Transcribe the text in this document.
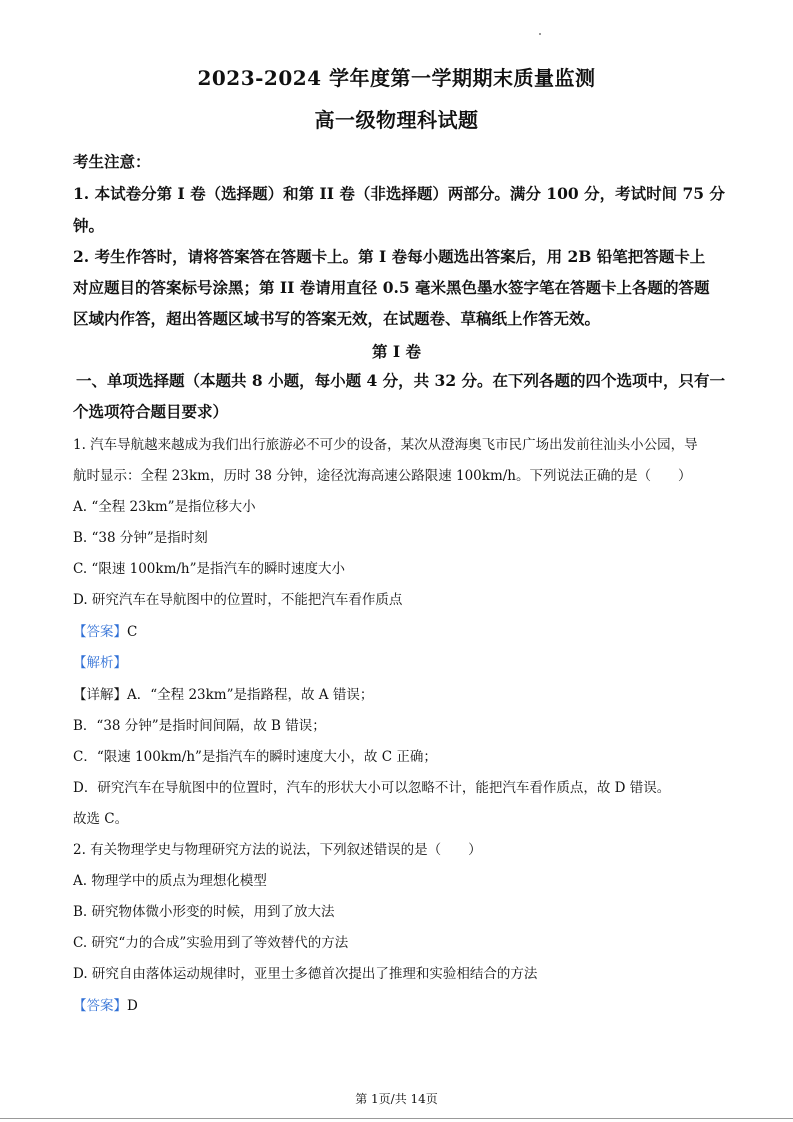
2023-2024 学年度第一学期期末质量监测
高一级物理科试题
考生注意：
1. 本试卷分第 I 卷（选择题）和第 II 卷（非选择题）两部分。满分 100 分，考试时间 75 分
钟。
2. 考生作答时，请将答案答在答题卡上。第 I 卷每小题选出答案后，用 2B 铅笔把答题卡上
对应题目的答案标号涂黑；第 II 卷请用直径 0.5 毫米黑色墨水签字笔在答题卡上各题的答题
区域内作答，超出答题区域书写的答案无效，在试题卷、草稿纸上作答无效。
第 I 卷
一、单项选择题（本题共 8 小题，每小题 4 分，共 32 分。在下列各题的四个选项中，只有一
个选项符合题目要求）
1. 汽车导航越来越成为我们出行旅游必不可少的设备，某次从澄海奥飞市民广场出发前往汕头小公园，导
航时显示：全程 23km，历时 38 分钟，途径沈海高速公路限速 100km/h。下列说法正确的是（　　）
A. “全程 23km”是指位移大小
B. “38 分钟”是指时刻
C. “限速 100km/h”是指汽车的瞬时速度大小
D. 研究汽车在导航图中的位置时，不能把汽车看作质点
【答案】C
【解析】
【详解】A．“全程 23km”是指路程，故 A 错误；
B．“38 分钟”是指时间间隔，故 B 错误；
C．“限速 100km/h”是指汽车的瞬时速度大小，故 C 正确；
D．研究汽车在导航图中的位置时，汽车的形状大小可以忽略不计，能把汽车看作质点，故 D 错误。
故选 C。
2. 有关物理学史与物理研究方法的说法，下列叙述错误的是（　　）
A. 物理学中的质点为理想化模型
B. 研究物体微小形变的时候，用到了放大法
C. 研究“力的合成”实验用到了等效替代的方法
D. 研究自由落体运动规律时，亚里士多德首次提出了推理和实验相结合的方法
【答案】D
第 1页/共 14页
